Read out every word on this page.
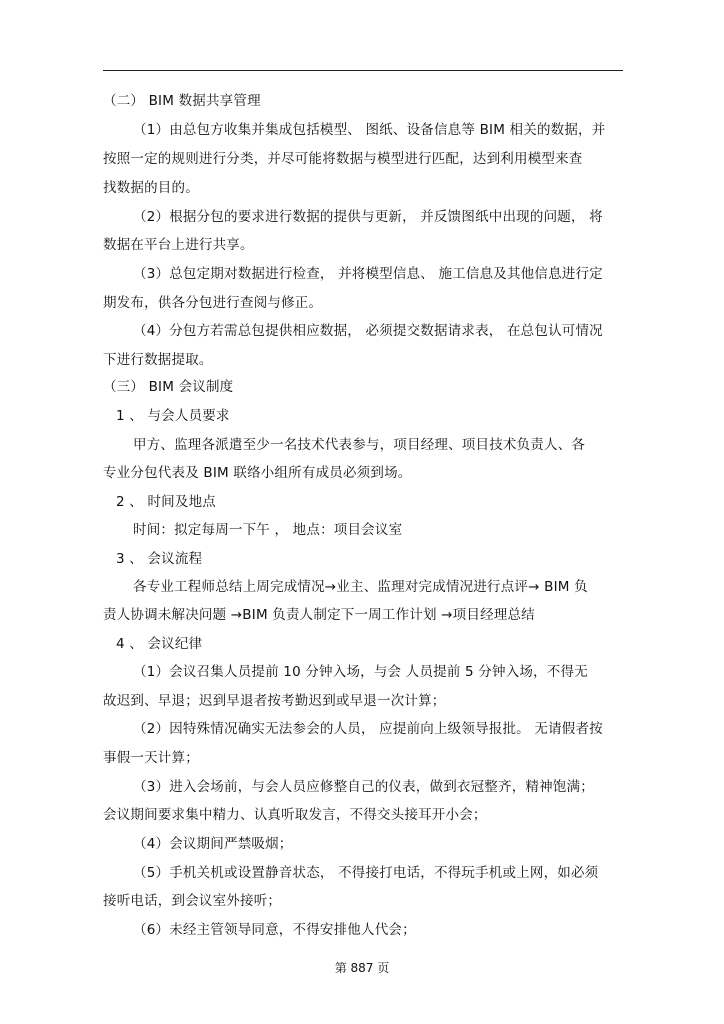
（二） BIM 数据共享管理
（1）由总包方收集并集成包括模型、 图纸、设备信息等 BIM 相关的数据，并
按照一定的规则进行分类，并尽可能将数据与模型进行匹配，达到利用模型来查
找数据的目的。
（2）根据分包的要求进行数据的提供与更新， 并反馈图纸中出现的问题， 将
数据在平台上进行共享。
（3）总包定期对数据进行检查， 并将模型信息、 施工信息及其他信息进行定
期发布，供各分包进行查阅与修正。
（4）分包方若需总包提供相应数据， 必须提交数据请求表， 在总包认可情况
下进行数据提取。
（三） BIM 会议制度
1 、 与会人员要求
甲方、监理各派遣至少一名技术代表参与，项目经理、项目技术负责人、各
专业分包代表及 BIM 联络小组所有成员必须到场。
2 、 时间及地点
时间：拟定每周一下午 ， 地点：项目会议室
3 、 会议流程
各专业工程师总结上周完成情况→业主、监理对完成情况进行点评→ BIM 负
责人协调未解决问题 →BIM 负责人制定下一周工作计划 →项目经理总结
4 、 会议纪律
（1）会议召集人员提前 10 分钟入场，与会 人员提前 5 分钟入场，不得无
故迟到、早退；迟到早退者按考勤迟到或早退一次计算；
（2）因特殊情况确实无法参会的人员， 应提前向上级领导报批。 无请假者按
事假一天计算；
（3）进入会场前，与会人员应修整自己的仪表，做到衣冠整齐，精神饱满；
会议期间要求集中精力、认真听取发言，不得交头接耳开小会；
（4）会议期间严禁吸烟；
（5）手机关机或设置静音状态， 不得接打电话，不得玩手机或上网，如必须
接听电话，到会议室外接听；
（6）未经主管领导同意，不得安排他人代会；
第 887 页
